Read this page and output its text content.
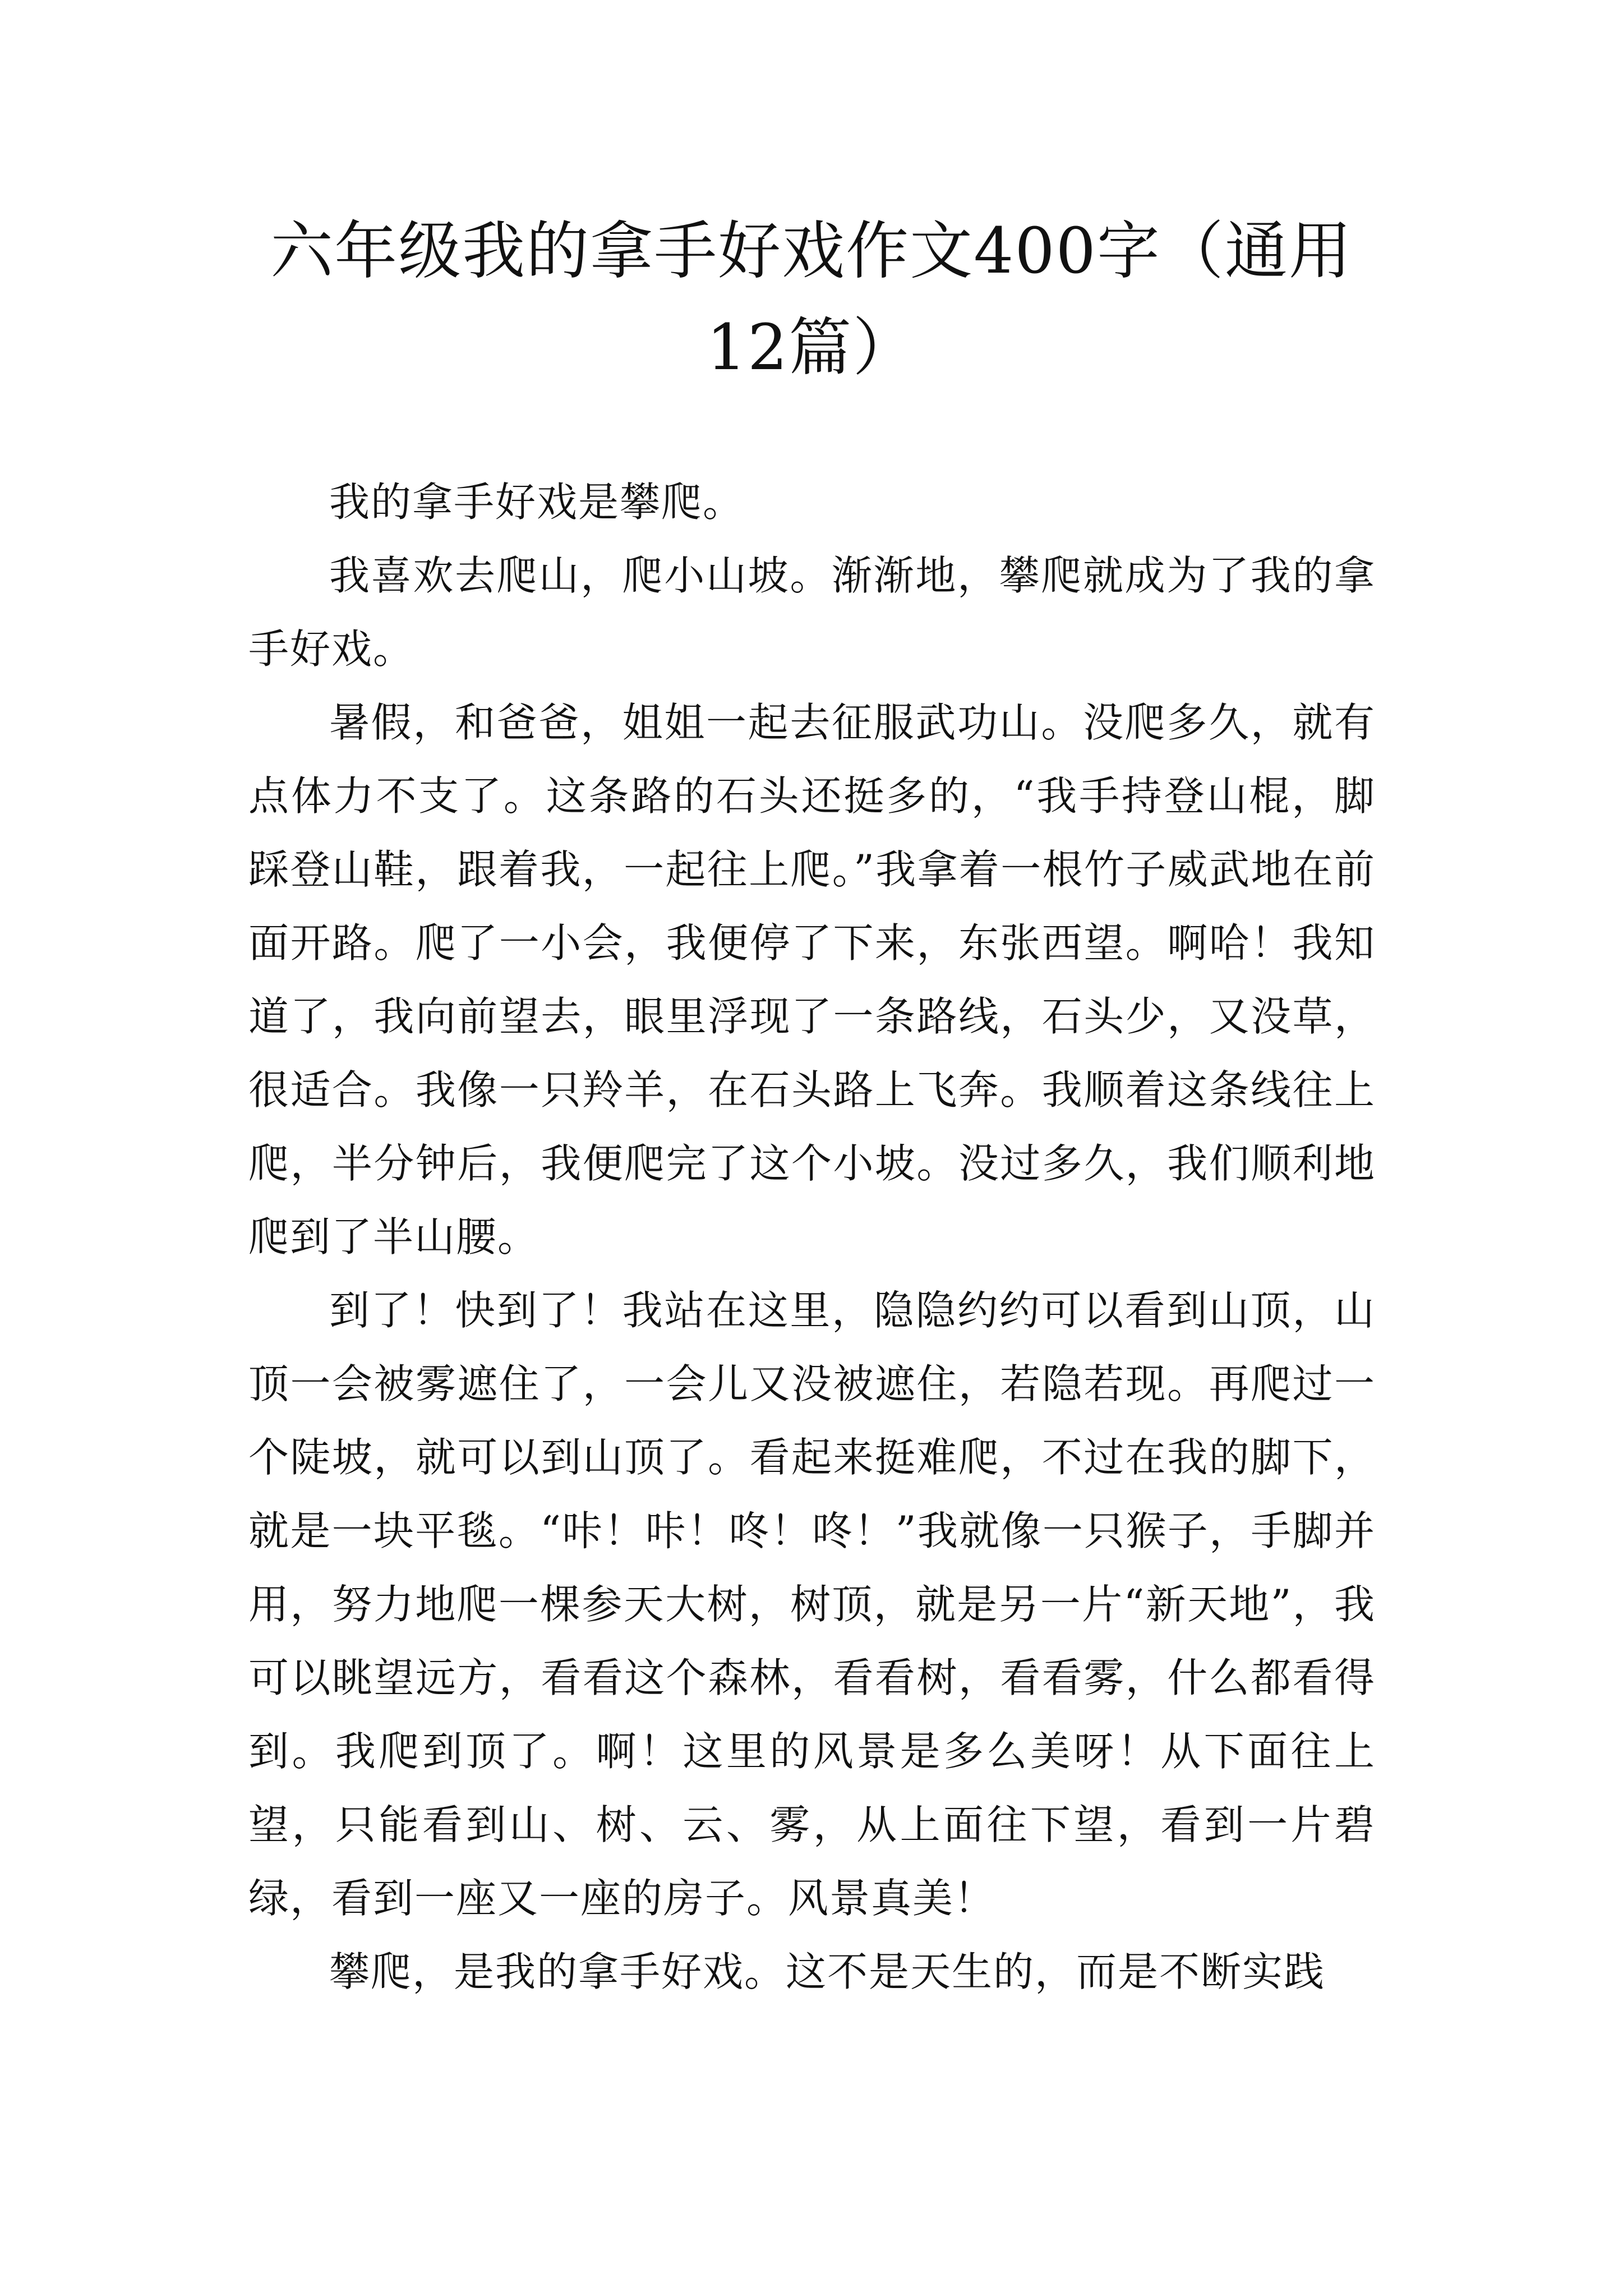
六年级我的拿手好戏作文400字（通用12篇）

我的拿手好戏是攀爬。

我喜欢去爬山，爬小山坡。渐渐地，攀爬就成为了我的拿手好戏。

暑假，和爸爸，姐姐一起去征服武功山。没爬多久，就有点体力不支了。这条路的石头还挺多的，“我手持登山棍，脚踩登山鞋，跟着我，一起往上爬。”我拿着一根竹子威武地在前面开路。爬了一小会，我便停了下来，东张西望。啊哈！我知道了，我向前望去，眼里浮现了一条路线，石头少，又没草，很适合。我像一只羚羊，在石头路上飞奔。我顺着这条线往上爬，半分钟后，我便爬完了这个小坡。没过多久，我们顺利地爬到了半山腰。

到了！快到了！我站在这里，隐隐约约可以看到山顶，山顶一会被雾遮住了，一会儿又没被遮住，若隐若现。再爬过一个陡坡，就可以到山顶了。看起来挺难爬，不过在我的脚下，就是一块平毯。“咔！咔！咚！咚！”我就像一只猴子，手脚并用，努力地爬一棵参天大树，树顶，就是另一片“新天地”，我可以眺望远方，看看这个森林，看看树，看看雾，什么都看得到。我爬到顶了。啊！这里的风景是多么美呀！从下面往上望，只能看到山、树、云、雾，从上面往下望，看到一片碧绿，看到一座又一座的房子。风景真美！

攀爬，是我的拿手好戏。这不是天生的，而是不断实践
